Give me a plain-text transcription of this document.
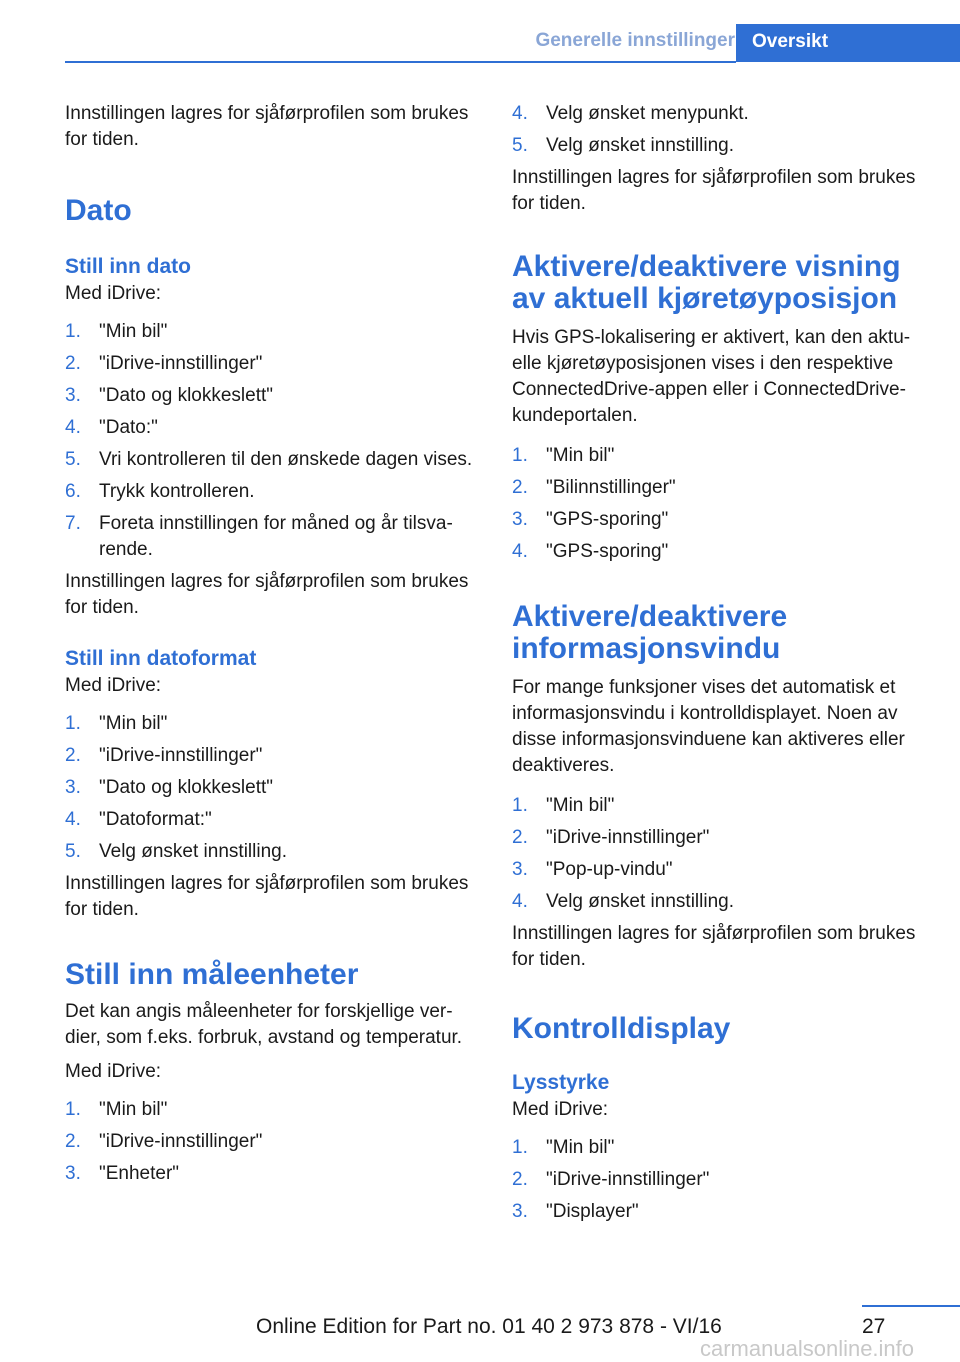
Generelle innstillinger Oversikt

Innstillingen lagres for sjåførprofilen som brukes for tiden.

Dato
Still inn dato

Med iDrive:

1. "Min bil"
2. "iDrive-innstillinger"
3. "Dato og klokkeslett"
4. "Dato:"
5. Vri kontrolleren til den ønskede dagen vises.
6. Trykk kontrolleren.
7. Foreta innstillingen for måned og år tilsvarende.

Innstillingen lagres for sjåførprofilen som brukes for tiden.

Still inn datoformat

Med iDrive:

1. "Min bil"
2. "iDrive-innstillinger"
3. "Dato og klokkeslett"
4. "Datoformat:"
5. Velg ønsket innstilling.

Innstillingen lagres for sjåførprofilen som brukes for tiden.

Still inn måleenheter

Det kan angis måleenheter for forskjellige verdier, som f.eks. forbruk, avstand og temperatur.

Med iDrive:

1. "Min bil"
2. "iDrive-innstillinger"
3. "Enheter"
4. Velg ønsket menypunkt.
5. Velg ønsket innstilling.

Innstillingen lagres for sjåførprofilen som brukes for tiden.

Aktivere/deaktivere visning av aktuell kjøretøyposisjon

Hvis GPS-lokalisering er aktivert, kan den aktuelle kjøretøyposisjonen vises i den respektive ConnectedDrive-appen eller i ConnectedDrive-kundeportalen.

1. "Min bil"
2. "Bilinnstillinger"
3. "GPS-sporing"
4. "GPS-sporing"
Aktivere/deaktivere informasjonsvindu

For mange funksjoner vises det automatisk et informasjonsvindu i kontrolldisplayet. Noen av disse informasjonsvinduene kan aktiveres eller deaktiveres.

1. "Min bil"
2. "iDrive-innstillinger"
3. "Pop-up-vindu"
4. Velg ønsket innstilling.

Innstillingen lagres for sjåførprofilen som brukes for tiden.

Kontrolldisplay
Lysstyrke

Med iDrive:

1. "Min bil"
2. "iDrive-innstillinger"
3. "Displayer"
27
Online Edition for Part no. 01 40 2 973 878 - VI/16
carmanualsonline.info
